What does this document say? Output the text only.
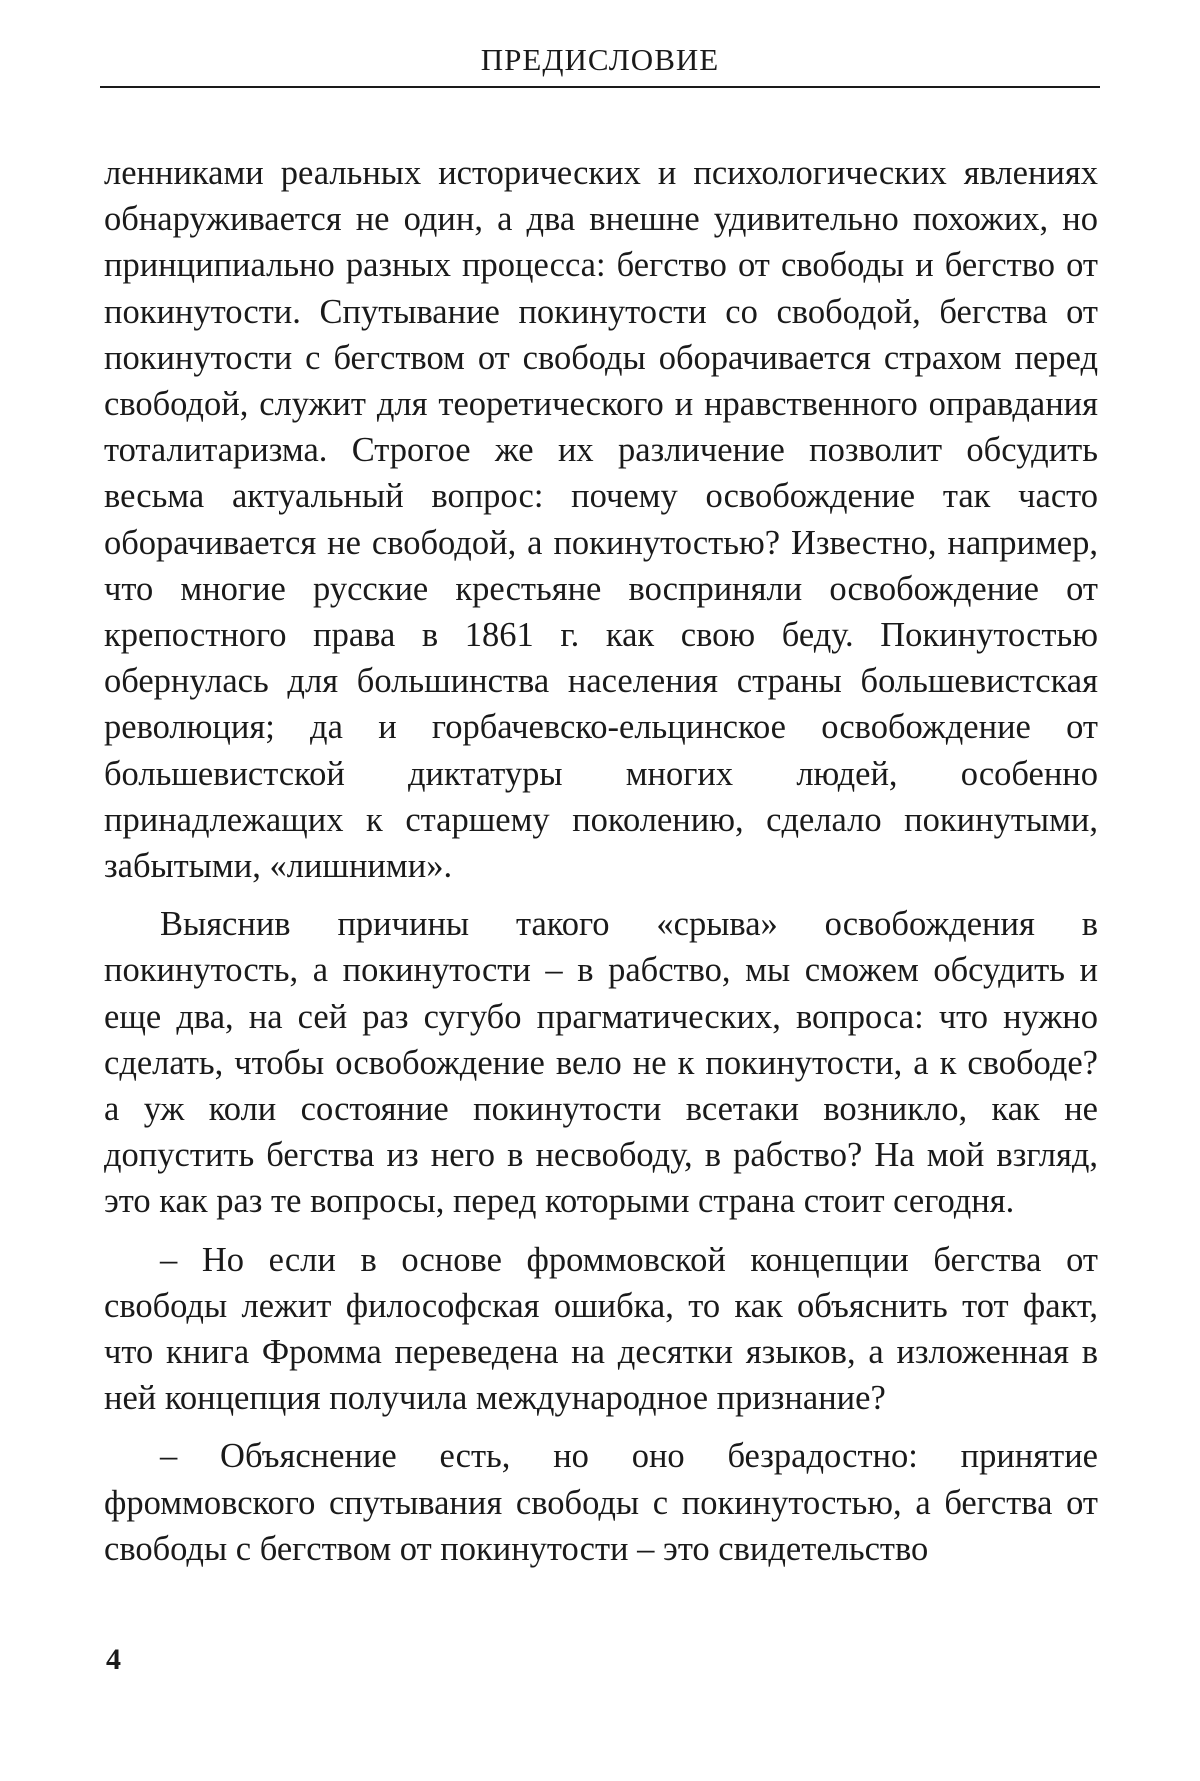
ПРЕДИСЛОВИЕ

ленниками реальных исторических и психологических явлениях обнаруживается не один, а два внешне удивительно похожих, но принципиально разных процесса: бегство от свободы и бегство от покинутости. Спутывание покинутости со свободой, бегства от покинутости с бегством от свободы оборачивается страхом перед свободой, служит для теоретического и нравственного оправдания тоталитаризма. Строгое же их различение позволит обсудить весьма актуальный вопрос: почему освобождение так часто оборачивается не свободой, а покинутостью? Известно, например, что многие русские крестьяне восприняли освобождение от крепостного права в 1861 г. как свою беду. Покинутостью обернулась для большинства населения страны большевистская революция; да и горбачевско-ельцинское освобождение от большевистской диктатуры многих людей, особенно принадлежащих к старшему поколению, сделало покинутыми, забытыми, «лишними».

Выяснив причины такого «срыва» освобождения в покинутость, а покинутости – в рабство, мы сможем обсудить и еще два, на сей раз сугубо прагматических, вопроса: что нужно сделать, чтобы освобождение вело не к покинутости, а к свободе? а уж коли состояние покинутости всетаки возникло, как не допустить бегства из него в несвободу, в рабство? На мой взгляд, это как раз те вопросы, перед которыми страна стоит сегодня.

– Но если в основе фроммовской концепции бегства от свободы лежит философская ошибка, то как объяснить тот факт, что книга Фромма переведена на десятки языков, а изложенная в ней концепция получила международное признание?

– Объяснение есть, но оно безрадостно: принятие фроммовского спутывания свободы с покинутостью, а бегства от свободы с бегством от покинутости – это свидетельство

4
